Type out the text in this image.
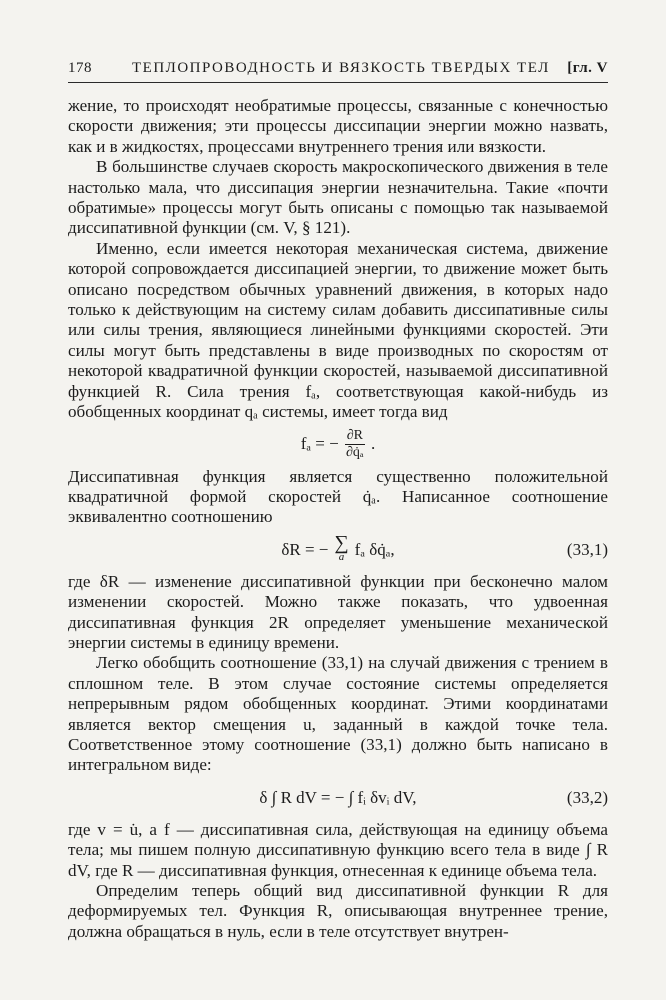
178	ТЕПЛОПРОВОДНОСТЬ И ВЯЗКОСТЬ ТВЕРДЫХ ТЕЛ [гл. V

жение, то происходят необратимые процессы, связанные с конечностью скорости движения; эти процессы диссипации энергии можно назвать, как и в жидкостях, процессами внутреннего трения или вязкости.

В большинстве случаев скорость макроскопического движения в теле настолько мала, что диссипация энергии незначительна. Такие «почти обратимые» процессы могут быть описаны с помощью так называемой диссипативной функции (см. V, § 121).

Именно, если имеется некоторая механическая система, движение которой сопровождается диссипацией энергии, то движение может быть описано посредством обычных уравнений движения, в которых надо только к действующим на систему силам добавить диссипативные силы или силы трения, являющиеся линейными функциями скоростей. Эти силы могут быть представлены в виде производных по скоростям от некоторой квадратичной функции скоростей, называемой диссипативной функцией R. Сила трения fₐ, соответствующая какой-нибудь из обобщенных координат qₐ системы, имеет тогда вид

fₐ = − $\frac{\partial R}{\text{∂q̇ₐ}}$ .

Диссипативная функция является существенно положительной квадратичной формой скоростей q̇ₐ. Написанное соотношение эквивалентно соотношению

δR = − ∑
a fₐ δq̇ₐ,	(33,1)

где δR — изменение диссипативной функции при бесконечно малом изменении скоростей. Можно также показать, что удвоенная диссипативная функция 2R определяет уменьшение механической энергии системы в единицу времени.

Легко обобщить соотношение (33,1) на случай движения с трением в сплошном теле. В этом случае состояние системы определяется непрерывным рядом обобщенных координат. Этими координатами является вектор смещения u, заданный в каждой точке тела. Соответственное этому соотношение (33,1) должно быть написано в интегральном виде:

δ ∫ R dV = − ∫ fᵢ δvᵢ dV,	(33,2)

где v = u̇, а f — диссипативная сила, действующая на единицу объема тела; мы пишем полную диссипативную функцию всего тела в виде ∫ R dV, где R — диссипативная функция, отнесенная к единице объема тела.

Определим теперь общий вид диссипативной функции R для деформируемых тел. Функция R, описывающая внутреннее трение, должна обращаться в нуль, если в теле отсутствует внутрен-
